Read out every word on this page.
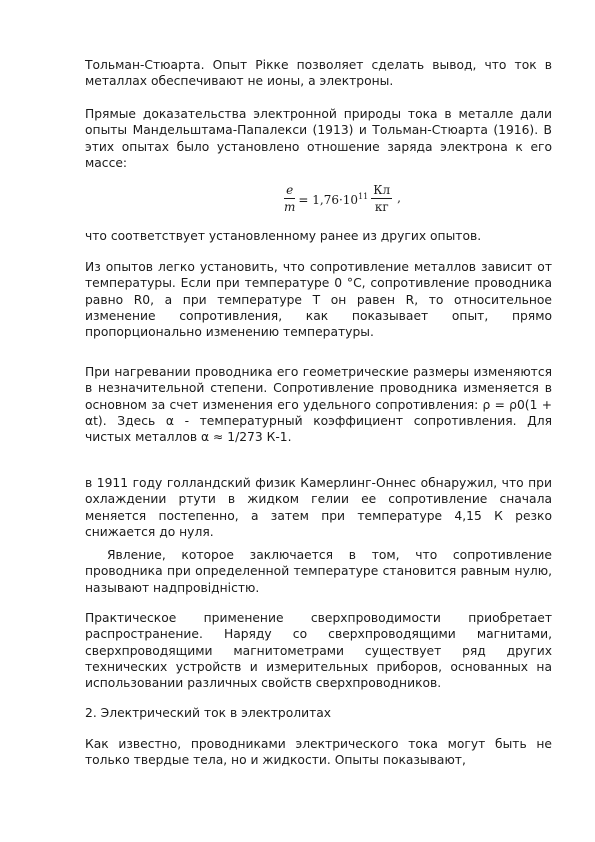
Тольман-Стюарта. Опыт Рікке позволяет сделать вывод, что ток в металлах обеспечивают не ионы, а электроны.

Прямые доказательства электронной природы тока в металле дали опыты Мандельштама-Папалекси (1913) и Тольман-Стюарта (1916). В этих опытах было установлено отношение заряда электрона к его массе:

$\frac{e}{m} = 1,76\cdot 10^{11} \frac{Кл}{кг}$ ,

что соответствует установленному ранее из других опытов.

Из опытов легко установить, что сопротивление металлов зависит от температуры. Если при температуре 0 °С, сопротивление проводника равно R0, а при температуре Т он равен R, то относительное изменение сопротивления, как показывает опыт, прямо пропорционально изменению температуры.

При нагревании проводника его геометрические размеры изменяются в незначительной степени. Сопротивление проводника изменяется в основном за счет изменения его удельного сопротивления: ρ = ρ0(1 + αt). Здесь α - температурный коэффициент сопротивления. Для чистых металлов α ≈ 1/273 К-1.

в 1911 году голландский физик Камерлинг-Оннес обнаружил, что при охлаждении ртути в жидком гелии ее сопротивление сначала меняется постепенно, а затем при температуре 4,15 К резко снижается до нуля.

Явление, которое заключается в том, что сопротивление проводника при определенной температуре становится равным нулю, называют надпровідністю.

Практическое применение сверхпроводимости приобретает распространение. Наряду со сверхпроводящими магнитами, сверхпроводящими магнитометрами существует ряд других технических устройств и измерительных приборов, основанных на использовании различных свойств сверхпроводников.

2. Электрический ток в электролитах

Как известно, проводниками электрического тока могут быть не только твердые тела, но и жидкости. Опыты показывают,
